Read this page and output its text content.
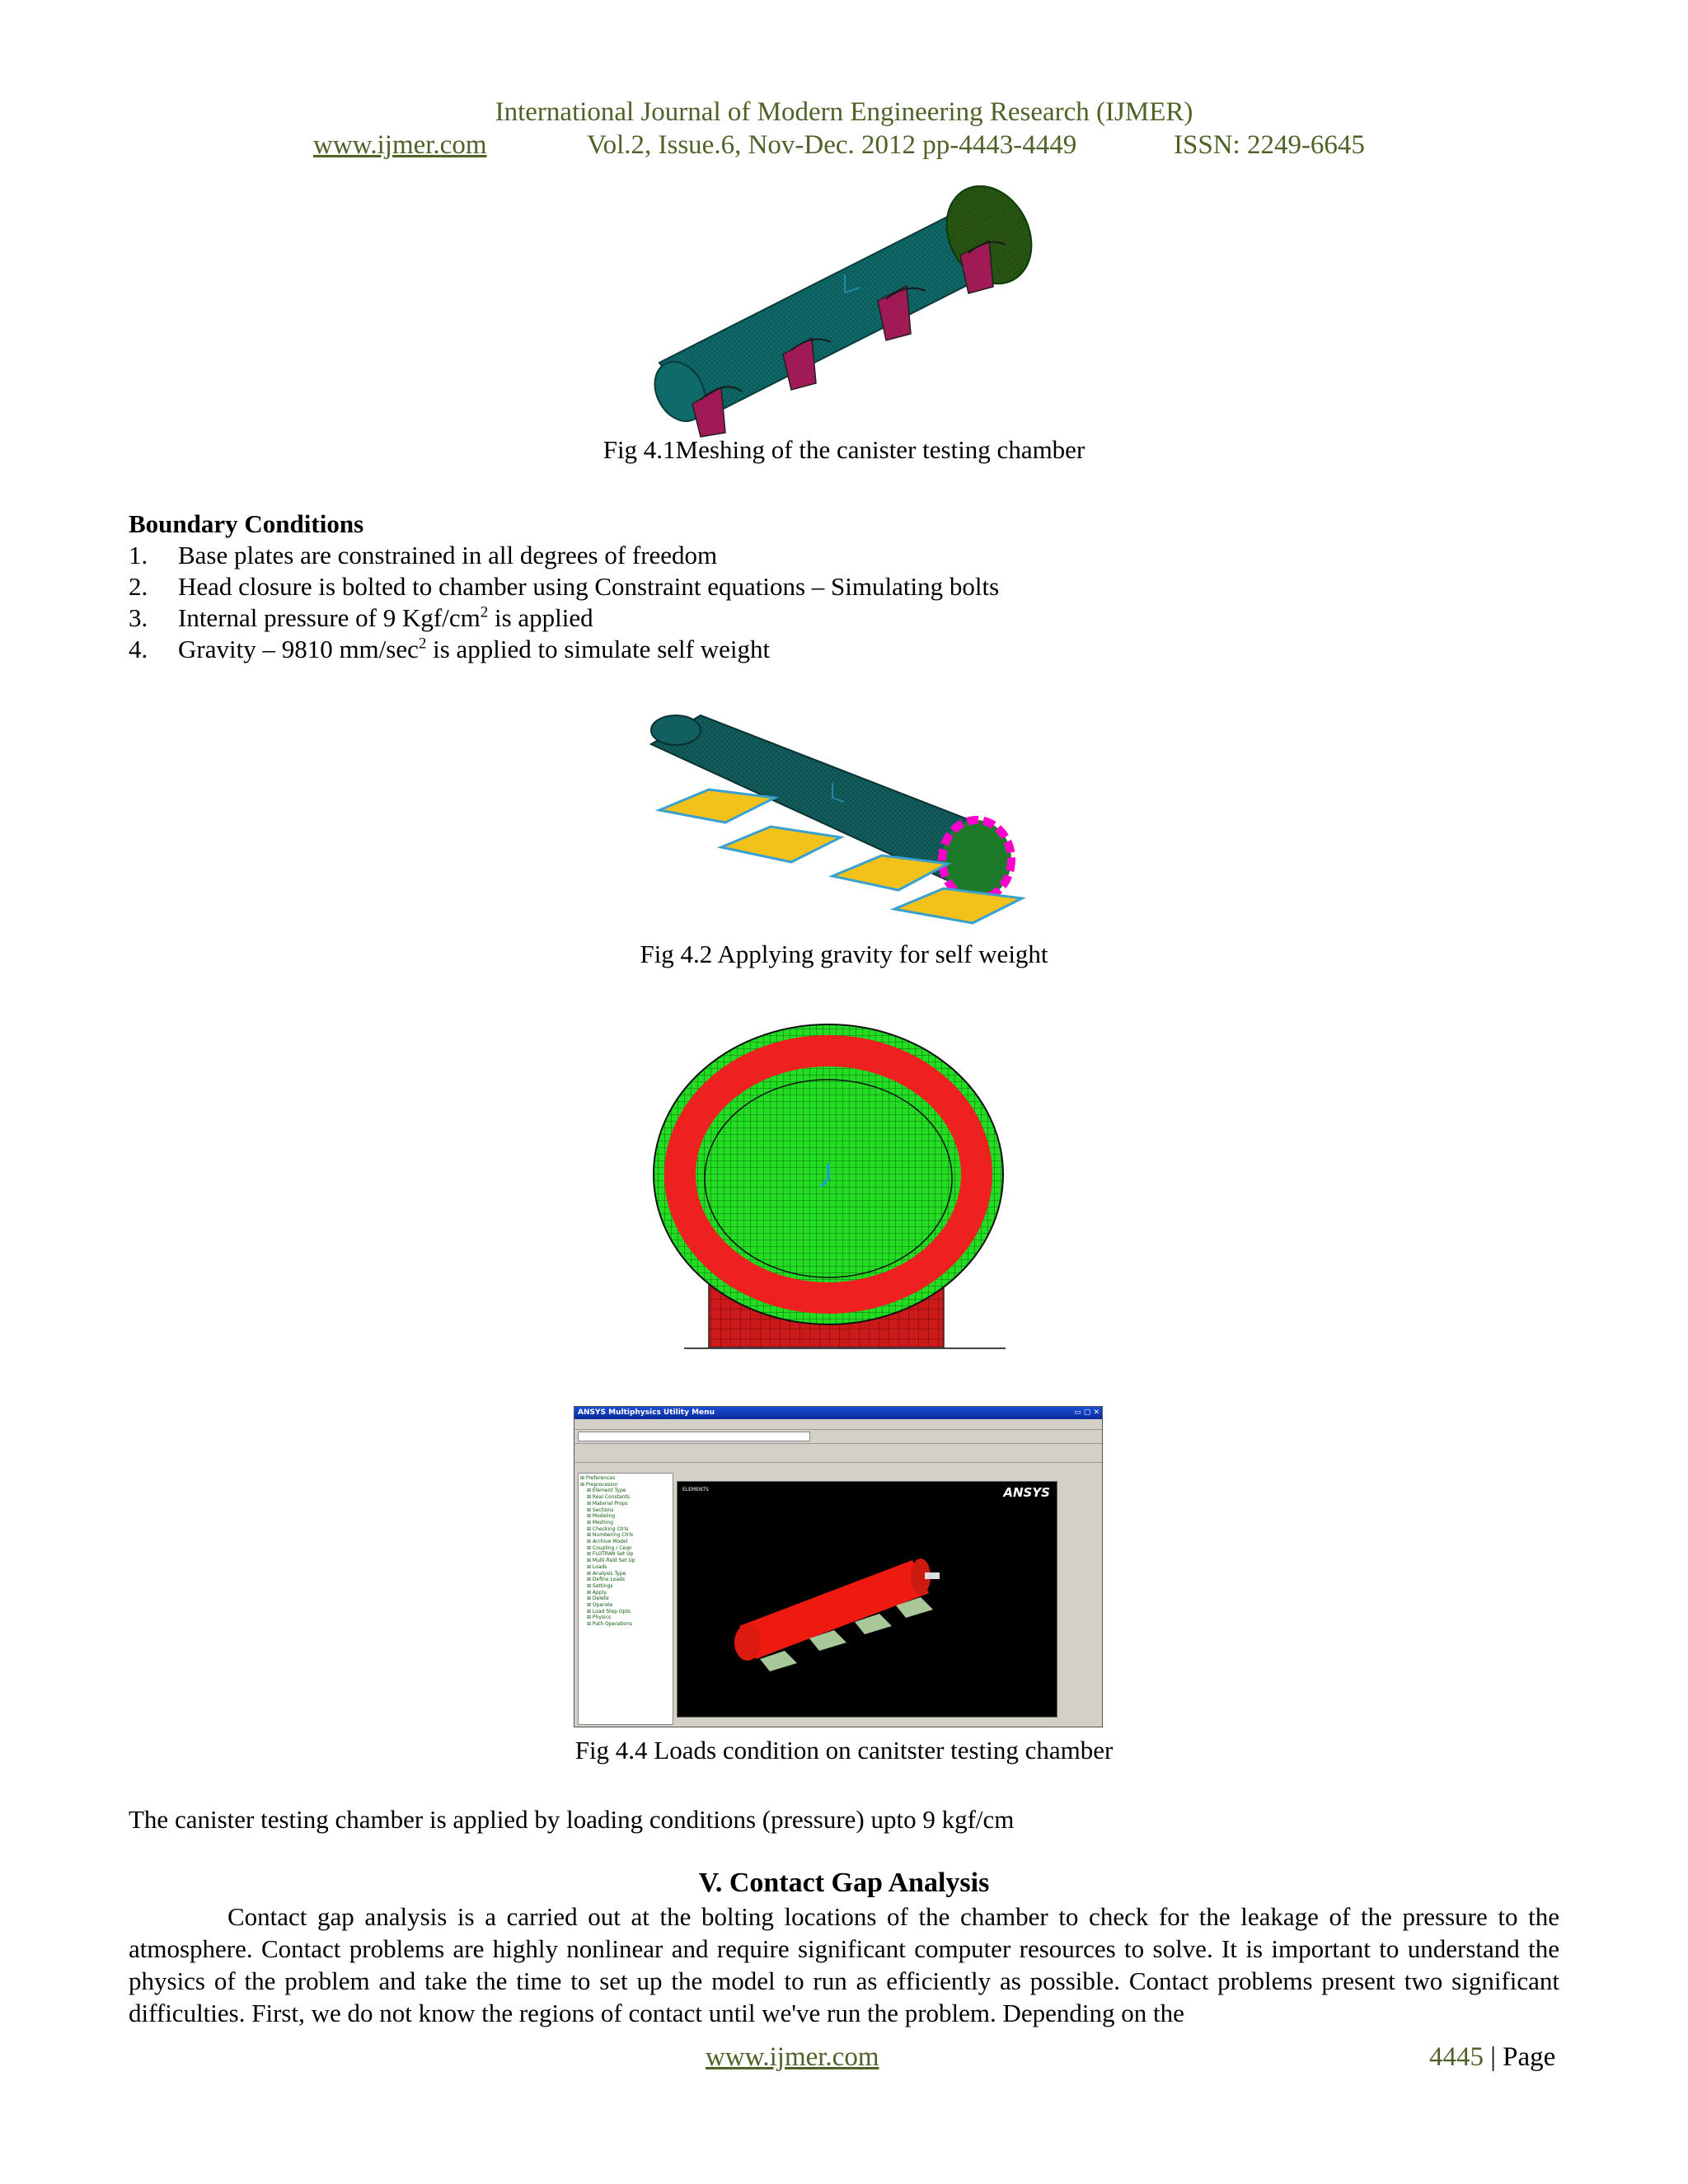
International Journal of Modern Engineering Research (IJMER)
www.ijmer.com	Vol.2, Issue.6, Nov-Dec. 2012 pp-4443-4449	ISSN: 2249-6645
Fig 4.1Meshing of the canister testing chamber
Boundary Conditions
1. Base plates are constrained in all degrees of freedom
2. Head closure is bolted to chamber using Constraint equations – Simulating bolts
3. Internal pressure of 9 Kgf/$cm^2$ is applied
4. Gravity – 9810 $mm/\sec^2$ is applied to simulate self weight
Fig 4.2 Applying gravity for self weight
ANSYS Multiphysics Utility Menu	▭ ▢ ✕
⊞ Preferences
⊞ Preprocessor
⊞ Element Type
⊞ Real Constants
⊞ Material Props
⊞ Sections
⊞ Modeling
⊞ Meshing
⊞ Checking Ctrls
⊞ Numbering Ctrls
⊞ Archive Model
⊞ Coupling / Ceqn
⊞ FLOTRAN Set Up
⊞ Multi-field Set Up
⊞ Loads
⊞ Analysis Type
⊞ Define Loads
⊞ Settings
⊞ Apply
⊞ Delete
⊞ Operate
⊞ Load Step Opts
⊞ Physics
⊞ Path Operations
ELEMENTS	ANSYS
Fig 4.4 Loads condition on canitster testing chamber
The canister testing chamber is applied by loading conditions (pressure) upto 9 kgf/cm
V. Contact Gap Analysis

Contact gap analysis is a carried out at the bolting locations of the chamber to check for the leakage of the pressure to the atmosphere. Contact problems are highly nonlinear and require significant computer resources to solve. It is important to understand the physics of the problem and take the time to set up the model to run as efficiently as possible. Contact problems present two significant difficulties. First, we do not know the regions of contact until we've run the problem. Depending on the

www.ijmer.com	4445 | Page
